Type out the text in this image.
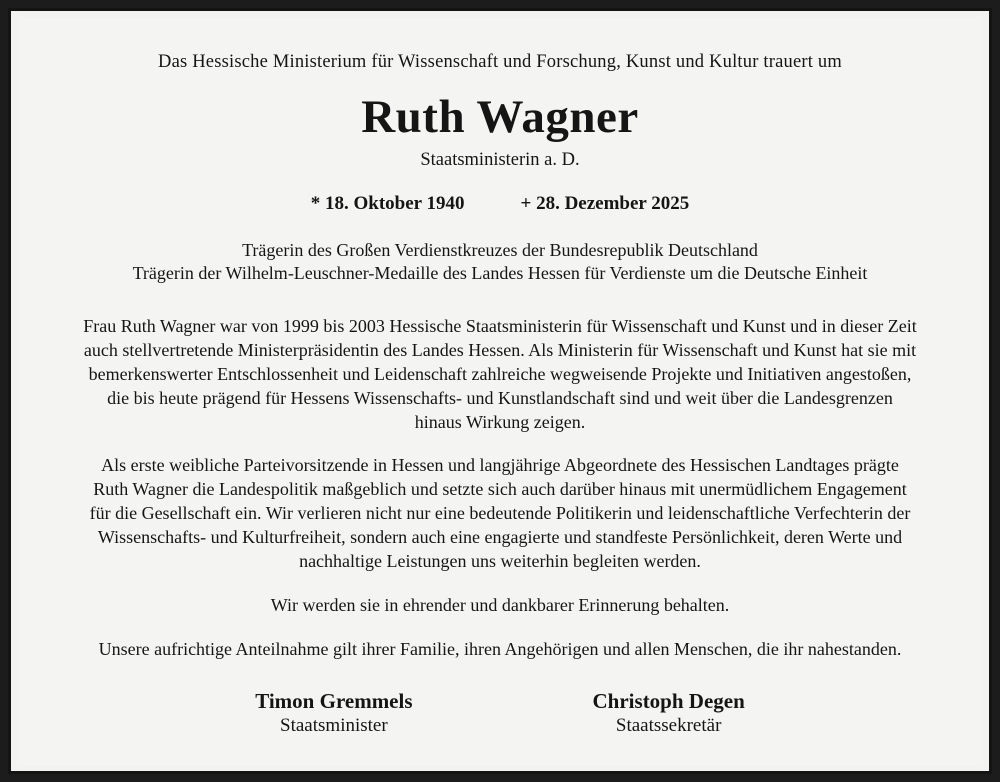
Das Hessische Ministerium für Wissenschaft und Forschung, Kunst und Kultur trauert um

Ruth Wagner

Staatsministerin a. D.

* 18. Oktober 1940	+ 28. Dezember 2025
Trägerin des Großen Verdienstkreuzes der Bundesrepublik Deutschland
Trägerin der Wilhelm-Leuschner-Medaille des Landes Hessen für Verdienste um die Deutsche Einheit

Frau Ruth Wagner war von 1999 bis 2003 Hessische Staatsministerin für Wissenschaft und Kunst und in dieser Zeit auch stellvertretende Ministerpräsidentin des Landes Hessen. Als Ministerin für Wissenschaft und Kunst hat sie mit bemerkenswerter Entschlossenheit und Leidenschaft zahlreiche wegweisende Projekte und Initiativen angestoßen, die bis heute prägend für Hessens Wissenschafts- und Kunstlandschaft sind und weit über die Landesgrenzen hinaus Wirkung zeigen.

Als erste weibliche Parteivorsitzende in Hessen und langjährige Abgeordnete des Hessischen Landtages prägte Ruth Wagner die Landespolitik maßgeblich und setzte sich auch darüber hinaus mit unermüdlichem Engagement für die Gesellschaft ein. Wir verlieren nicht nur eine bedeutende Politikerin und leidenschaftliche Verfechterin der Wissenschafts- und Kulturfreiheit, sondern auch eine engagierte und standfeste Persönlichkeit, deren Werte und nachhaltige Leistungen uns weiterhin begleiten werden.

Wir werden sie in ehrender und dankbarer Erinnerung behalten.

Unsere aufrichtige Anteilnahme gilt ihrer Familie, ihren Angehörigen und allen Menschen, die ihr nahestanden.

Timon Gremmels
Staatsminister
Christoph Degen
Staatssekretär
